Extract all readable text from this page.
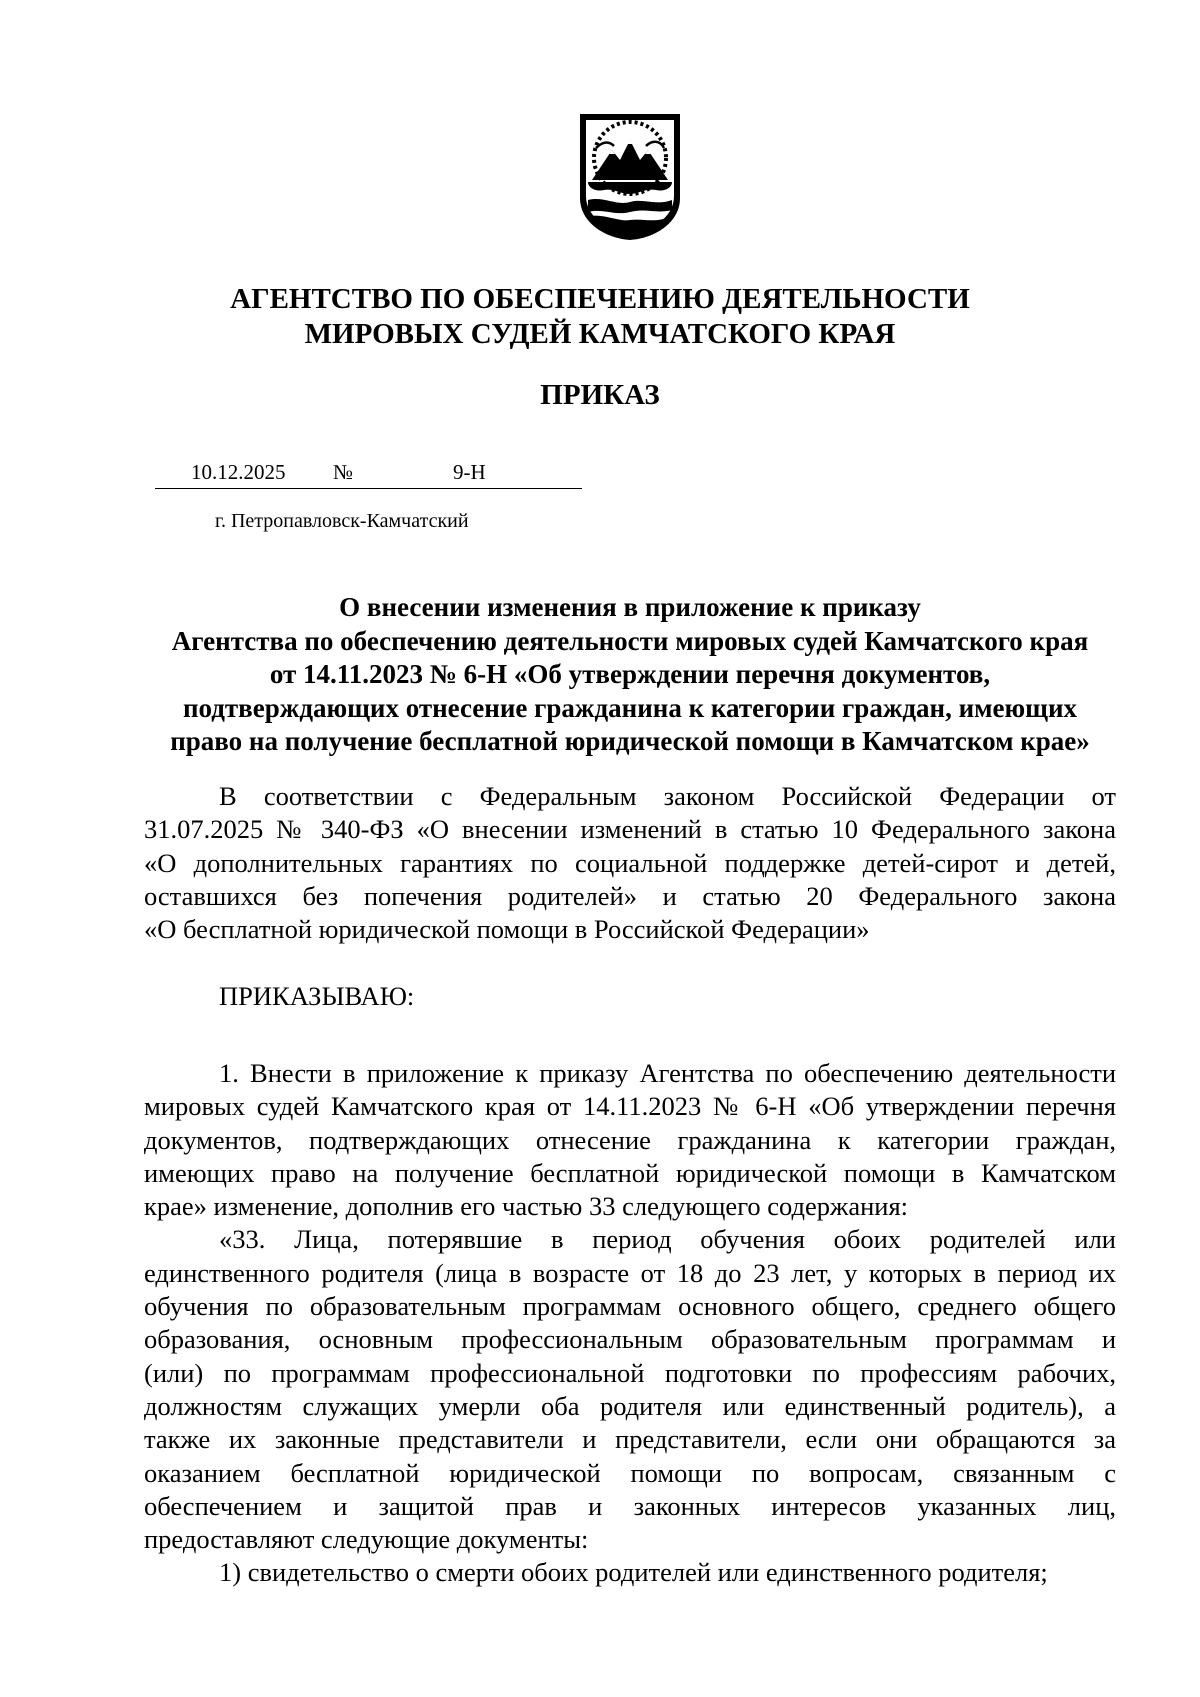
АГЕНТСТВО ПО ОБЕСПЕЧЕНИЮ ДЕЯТЕЛЬНОСТИ
МИРОВЫХ СУДЕЙ КАМЧАТСКОГО КРАЯ
ПРИКАЗ
10.12.2025 №	9-Н
г. Петропавловск-Камчатский
О внесении изменения в приложение к приказу
Агентства по обеспечению деятельности мировых судей Камчатского края
от 14.11.2023 № 6-Н «Об утверждении перечня документов,
подтверждающих отнесение гражданина к категории граждан, имеющих
право на получение бесплатной юридической помощи в Камчатском крае»
В соответствии с Федеральным законом Российской Федерации от
31.07.2025 № 340-ФЗ «О внесении изменений в статью 10 Федерального закона
«О дополнительных гарантиях по социальной поддержке детей-сирот и детей,
оставшихся без попечения родителей» и статью 20 Федерального закона
«О бесплатной юридической помощи в Российской Федерации»
ПРИКАЗЫВАЮ:
1. Внести в приложение к приказу Агентства по обеспечению деятельности
мировых судей Камчатского края от 14.11.2023 № 6-Н «Об утверждении перечня
документов, подтверждающих отнесение гражданина к категории граждан,
имеющих право на получение бесплатной юридической помощи в Камчатском
крае» изменение, дополнив его частью 33 следующего содержания:
«33. Лица, потерявшие в период обучения обоих родителей или
единственного родителя (лица в возрасте от 18 до 23 лет, у которых в период их
обучения по образовательным программам основного общего, среднего общего
образования, основным профессиональным образовательным программам и
(или) по программам профессиональной подготовки по профессиям рабочих,
должностям служащих умерли оба родителя или единственный родитель), а
также их законные представители и представители, если они обращаются за
оказанием бесплатной юридической помощи по вопросам, связанным с
обеспечением и защитой прав и законных интересов указанных лиц,
предоставляют следующие документы:
1) свидетельство о смерти обоих родителей или единственного родителя;
